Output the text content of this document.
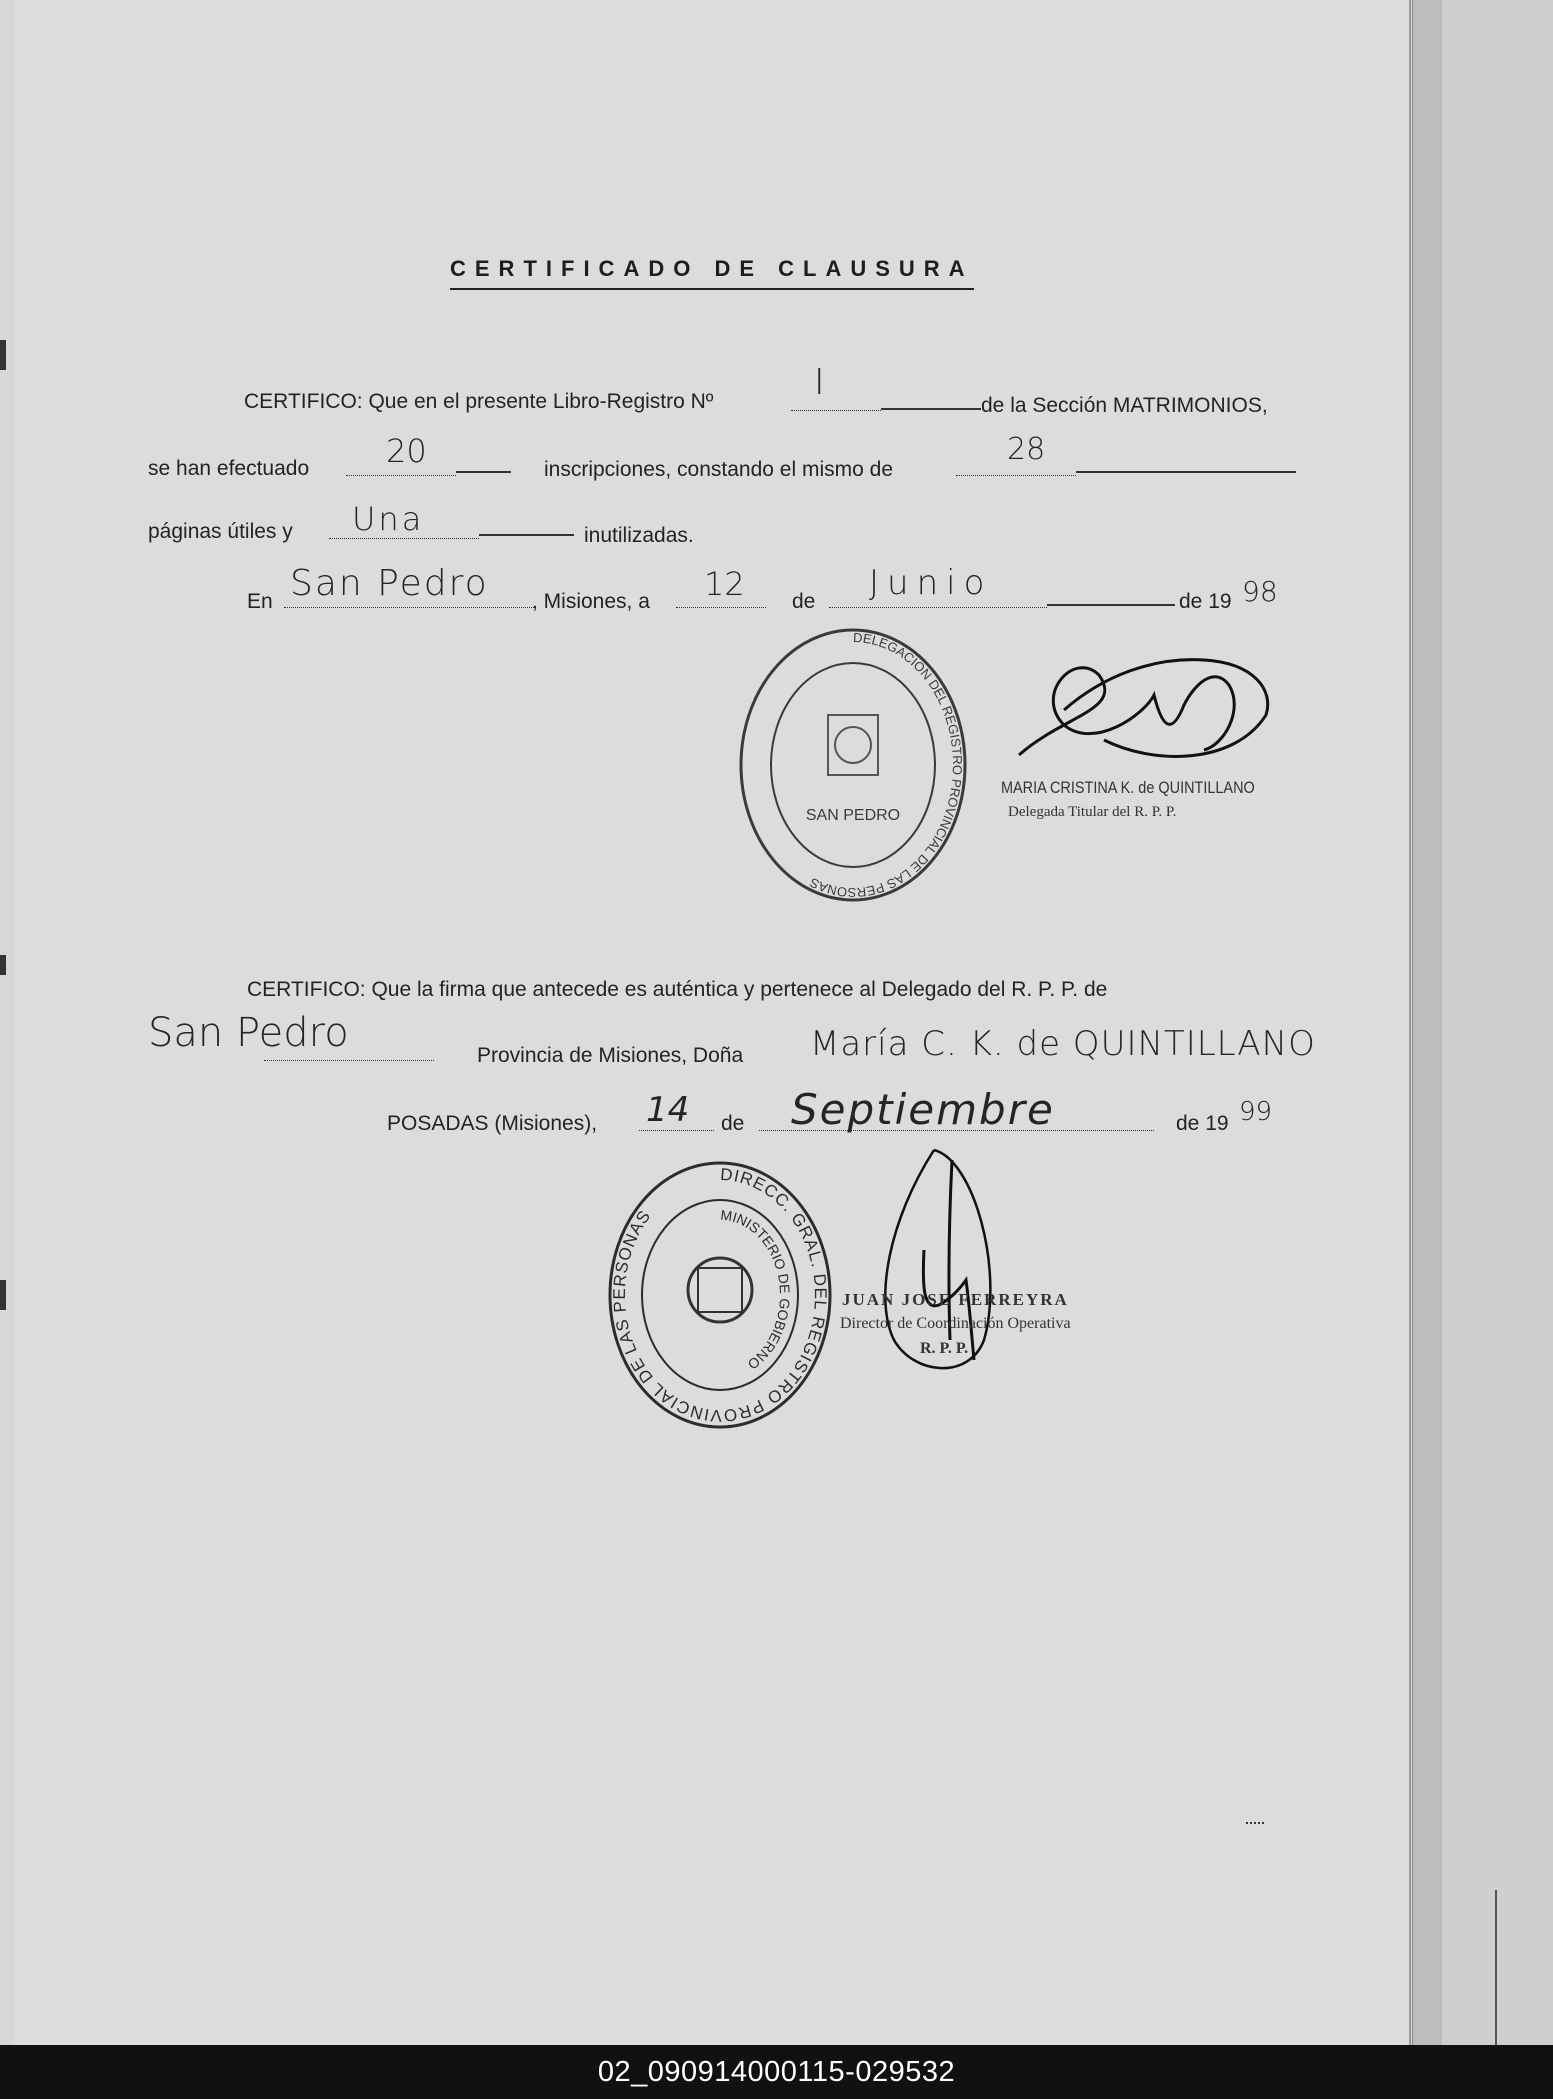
CERTIFICADO DE CLAUSURA
CERTIFICO: Que en el presente Libro-Registro Nº	I
de la Sección MATRIMONIOS,
se han efectuado 20	inscripciones, constando el mismo de
28
páginas útiles y Una	inutilizadas.
En San Pedro , Misiones, a 12 de Junio	de 19 98
DELEGACION DEL REGISTRO PROVINCIAL DE LAS PERSONAS
SAN PEDRO
MARIA CRISTINA K. de QUINTILLANO
Delegada Titular del R. P. P.
CERTIFICO: Que la firma que antecede es auténtica y pertenece al Delegado del R. P. P. de
San Pedro	Provincia de Misiones, Doña María C. K. de QUINTILLANO
POSADAS (Misiones), 14 de Septiembre	de 19 99
DIRECC. GRAL. DEL REGISTRO PROVINCIAL DE LAS PERSONAS	MINISTERIO DE GOBIERNO
JUAN JOSE FERREYRA
Director de Coordinación Operativa
R. P. P.
02_090914000115-029532
